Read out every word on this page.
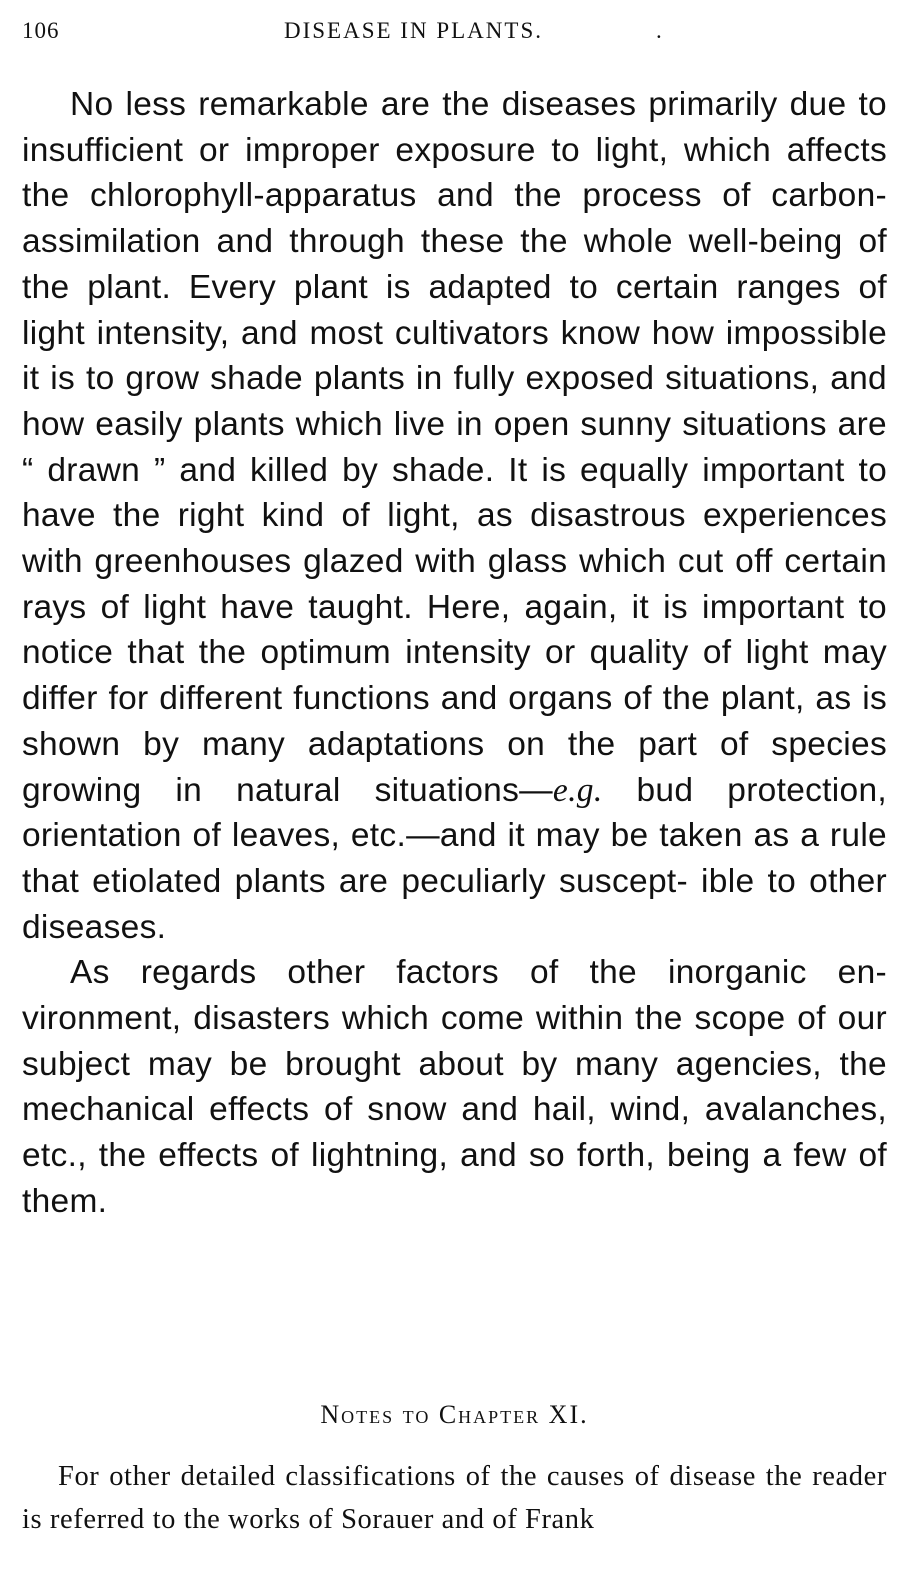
106	DISEASE IN PLANTS.	.

No less remarkable are the diseases primarily due to insufficient or improper exposure to light, which affects the chlorophyll-apparatus and the process of carbon-assimilation and through these the whole well-being of the plant. Every plant is adapted to certain ranges of light intensity, and most cultivators know how impossible it is to grow shade plants in fully exposed situations, and how easily plants which live in open sunny situations are “ drawn ” and killed by shade. It is equally important to have the right kind of light, as disastrous experiences with greenhouses glazed with glass which cut off certain rays of light have taught. Here, again, it is important to notice that the optimum intensity or quality of light may differ for different functions and organs of the plant, as is shown by many adaptations on the part of species growing in natural situations—e.g. bud protection, orientation of leaves, etc.—and it may be taken as a rule that etiolated plants are peculiarly suscept- ible to other diseases.

As regards other factors of the inorganic en- vironment, disasters which come within the scope of our subject may be brought about by many agencies, the mechanical effects of snow and hail, wind, avalanches, etc., the effects of lightning, and so forth, being a few of them.

Notes to Chapter XI.

For other detailed classifications of the causes of disease the reader is referred to the works of Sorauer and of Frank
